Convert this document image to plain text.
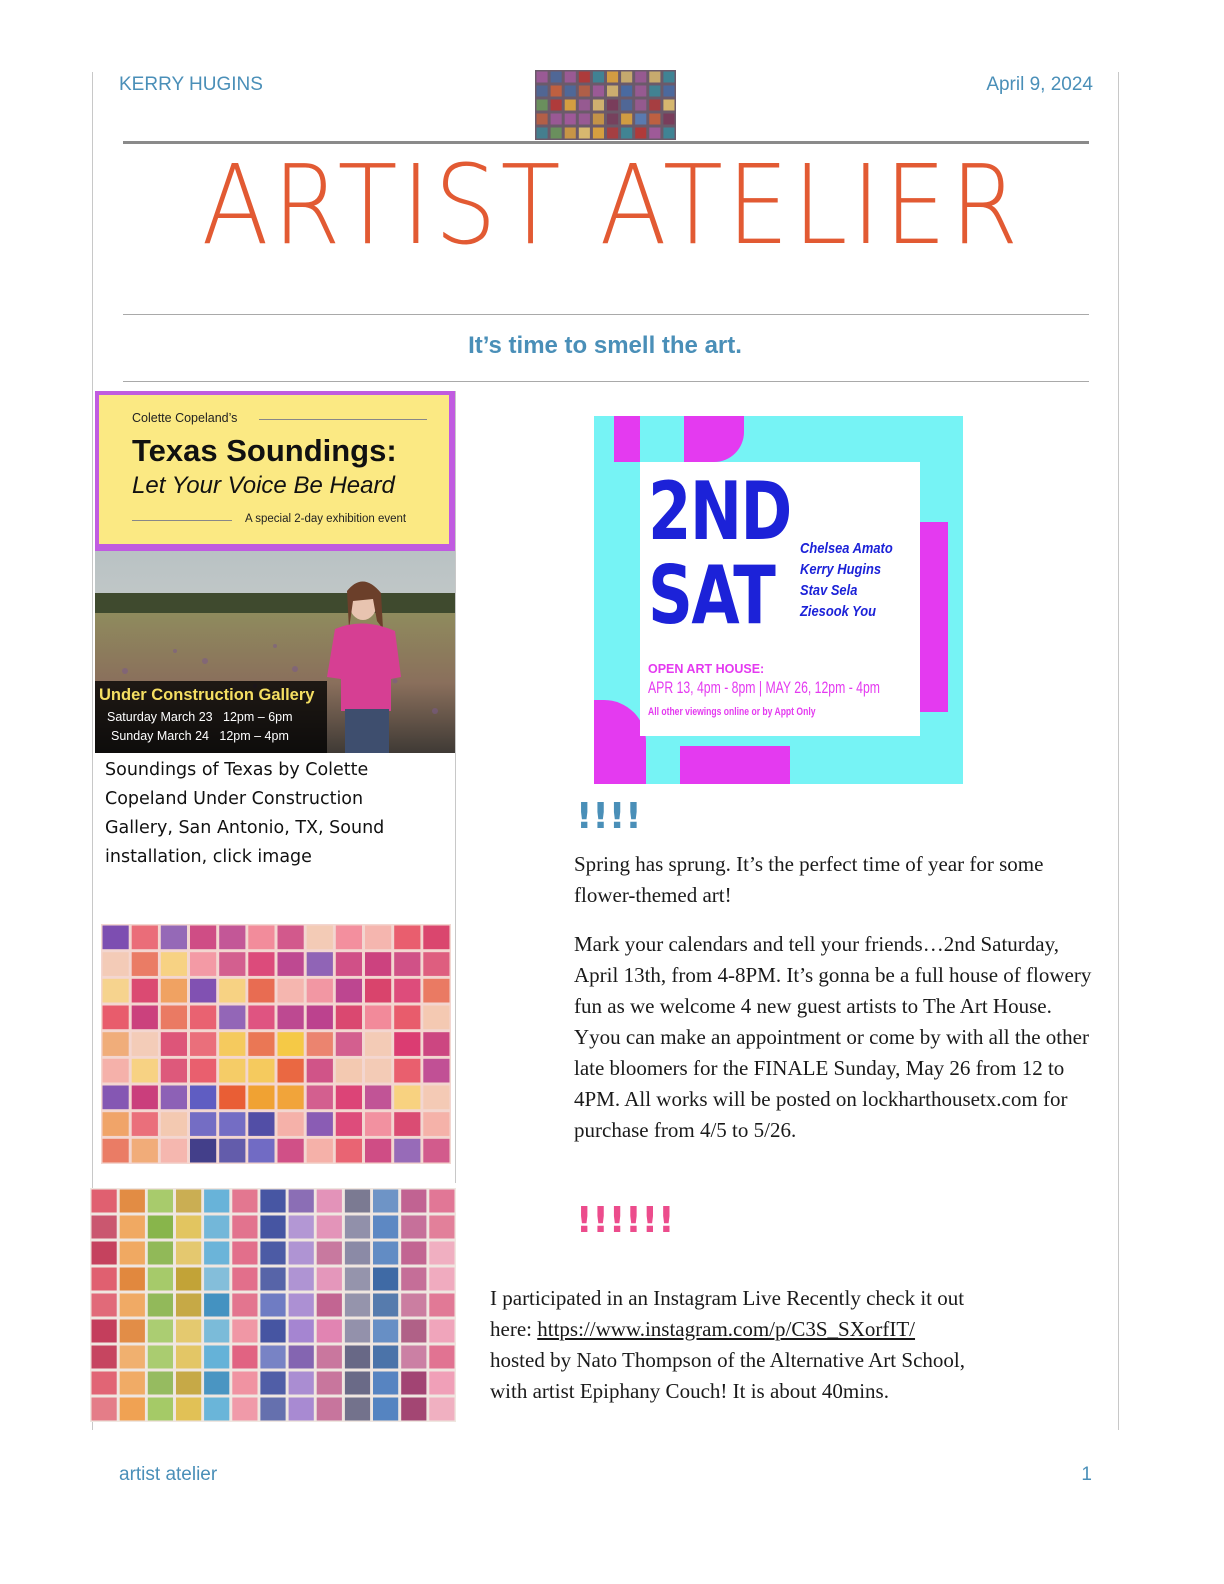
KERRY HUGINS	April 9, 2024
ARTIST ATELIER
It’s time to smell the art.
Colette Copeland’s
Texas Soundings:
Let Your Voice Be Heard
A special 2-day exhibition event
Under Construction Gallery
Saturday March 23   12pm – 6pm
Sunday March 24   12pm – 4pm
Soundings of Texas by Colette Copeland Under Construction Gallery, San Antonio, TX, Sound installation, click image
2ND
SAT
Chelsea Amato
Kerry Hugins
Stav Sela
Ziesook You
OPEN ART HOUSE:
APR 13, 4pm - 8pm | MAY 26, 12pm - 4pm
All other viewings online or by Appt Only
!!!!
Spring has sprung. It’s the perfect time of year for some flower-themed art!
Mark your calendars and tell your friends…2nd Saturday, April 13th, from 4-8PM. It’s gonna be a full house of flowery fun as we welcome 4 new guest artists to The Art House. Yyou can make an appointment or come by with all the other late bloomers for the FINALE Sunday, May 26 from 12 to 4PM. All works will be posted on lockharthousetx.com for purchase from 4/5 to 5/26.
!!!!!!
I participated in an Instagram Live Recently check it out here: https://www.instagram.com/p/C3S_SXorfIT/ hosted by Nato Thompson of the Alternative Art School, with artist Epiphany Couch! It is about 40mins.
artist atelier	1
